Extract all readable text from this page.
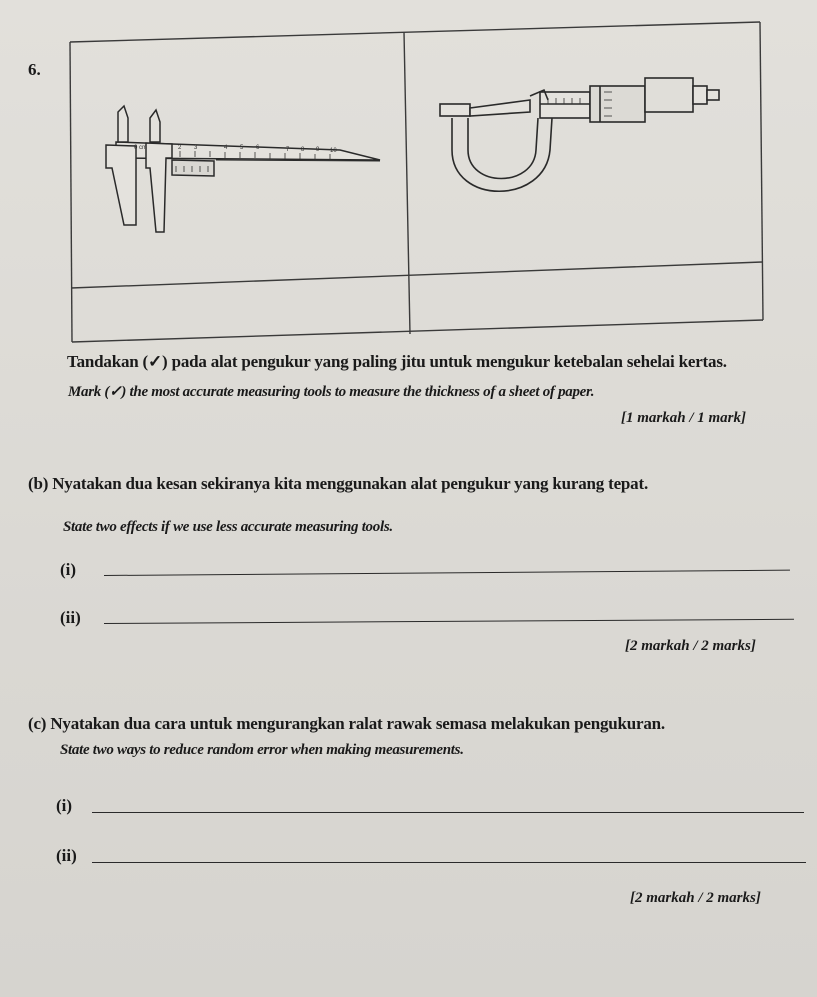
6.
0 cm	2 3	4 5 6	7 8 9 10
Tandakan (✓) pada alat pengukur yang paling jitu untuk mengukur ketebalan sehelai kertas.
Mark (✓) the most accurate measuring tools to measure the thickness of a sheet of paper.
[1 markah / 1 mark]
(b) Nyatakan dua kesan sekiranya kita menggunakan alat pengukur yang kurang tepat.
State two effects if we use less accurate measuring tools.
(i)
(ii)
[2 markah / 2 marks]
(c) Nyatakan dua cara untuk mengurangkan ralat rawak semasa melakukan pengukuran.
State two ways to reduce random error when making measurements.
(i)
(ii)
[2 markah / 2 marks]
